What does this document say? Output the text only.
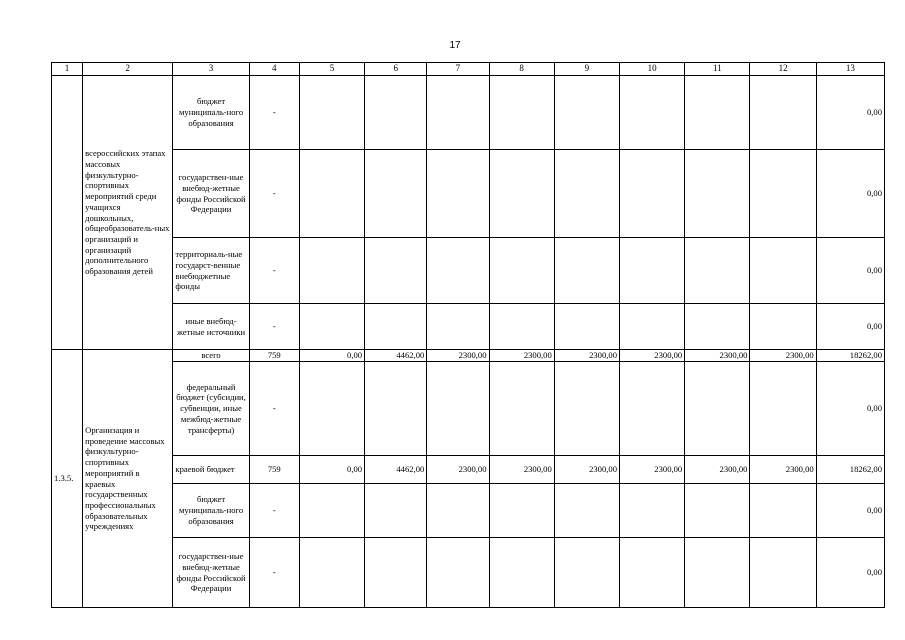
17
1	2	3	4	5	6	7	8	9	10	11	12	13
	всероссийских этапах массовых физкультурно-спортивных мероприятий среди учащихся дошкольных, общеобразователь-ных организаций и организаций дополнительного образования детей	бюджет муниципаль-ного образования	-									0,00
		государствен-ные внебюд-жетные фонды Российской Федерации	-									0,00
		территориаль-ные государст-венные внебюджетные фонды	-									0,00
		иные внебюд-жетные источники	-									0,00
1.3.5.	Организация и проведение массовых физкультурно-спортивных мероприятий в краевых государственных профессиональных образовательных учреждениях	всего	759	0,00	4462,00	2300,00	2300,00	2300,00	2300,00	2300,00	2300,00	18262,00
		федеральный бюджет (субсидии, субвенции, иные межбюд-жетные трансферты)	-									0,00
		краевой бюджет	759	0,00	4462,00	2300,00	2300,00	2300,00	2300,00	2300,00	2300,00	18262,00
		бюджет муниципаль-ного образования	-									0,00
		государствен-ные внебюд-жетные фонды Российской Федерации	-									0,00
